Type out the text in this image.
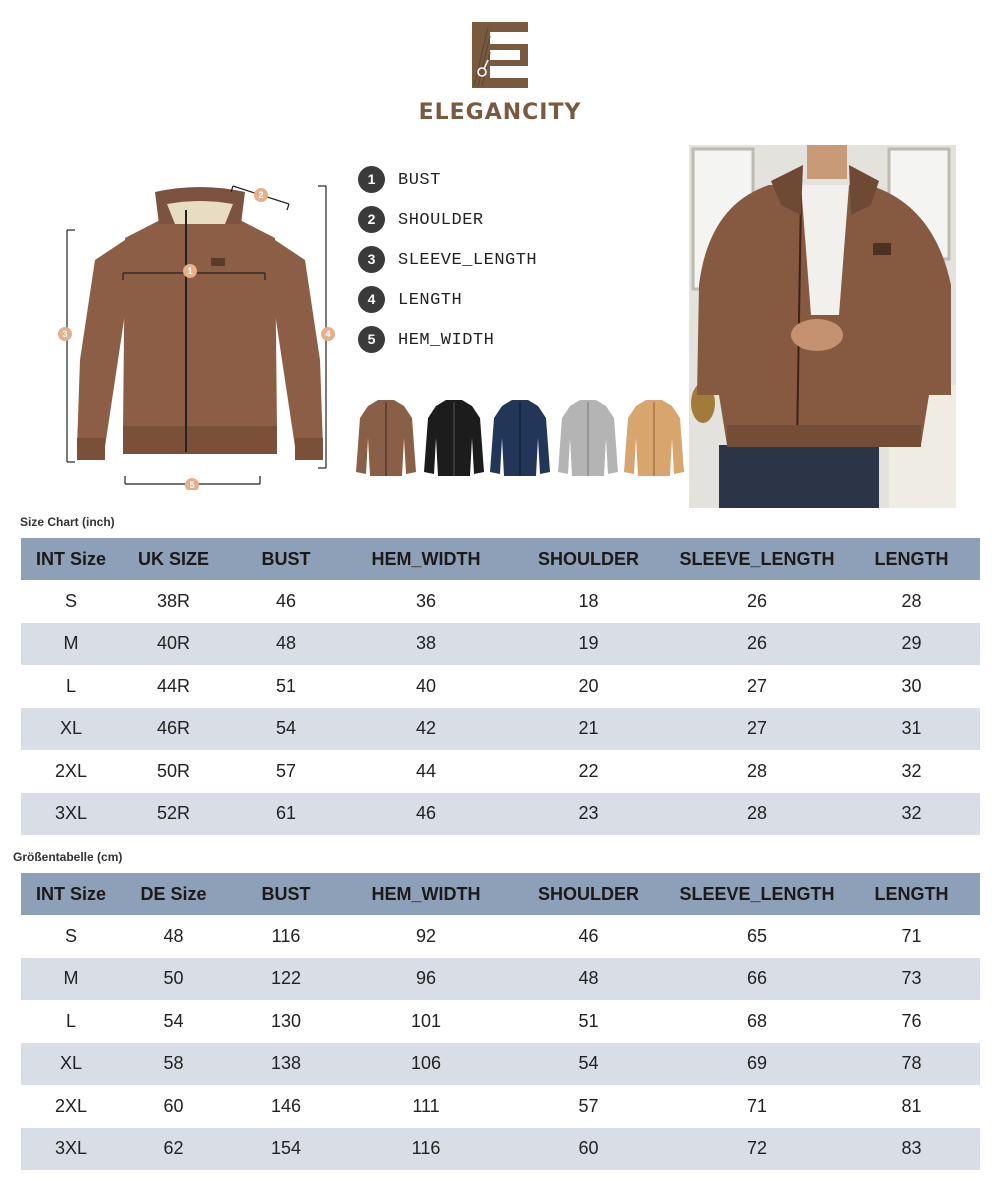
ELEGANCITY
1
2
3	4
5
1	BUST
2	SHOULDER
3	SLEEVE_LENGTH
4	LENGTH
5	HEM_WIDTH
Size Chart (inch)
INT Size	UK SIZE	BUST	HEM_WIDTH	SHOULDER	SLEEVE_LENGTH	LENGTH
S	38R	46	36	18	26	28
M	40R	48	38	19	26	29
L	44R	51	40	20	27	30
XL	46R	54	42	21	27	31
2XL	50R	57	44	22	28	32
3XL	52R	61	46	23	28	32
Größentabelle (cm)
INT Size	DE Size	BUST	HEM_WIDTH	SHOULDER	SLEEVE_LENGTH	LENGTH
S	48	116	92	46	65	71
M	50	122	96	48	66	73
L	54	130	101	51	68	76
XL	58	138	106	54	69	78
2XL	60	146	111	57	71	81
3XL	62	154	116	60	72	83
